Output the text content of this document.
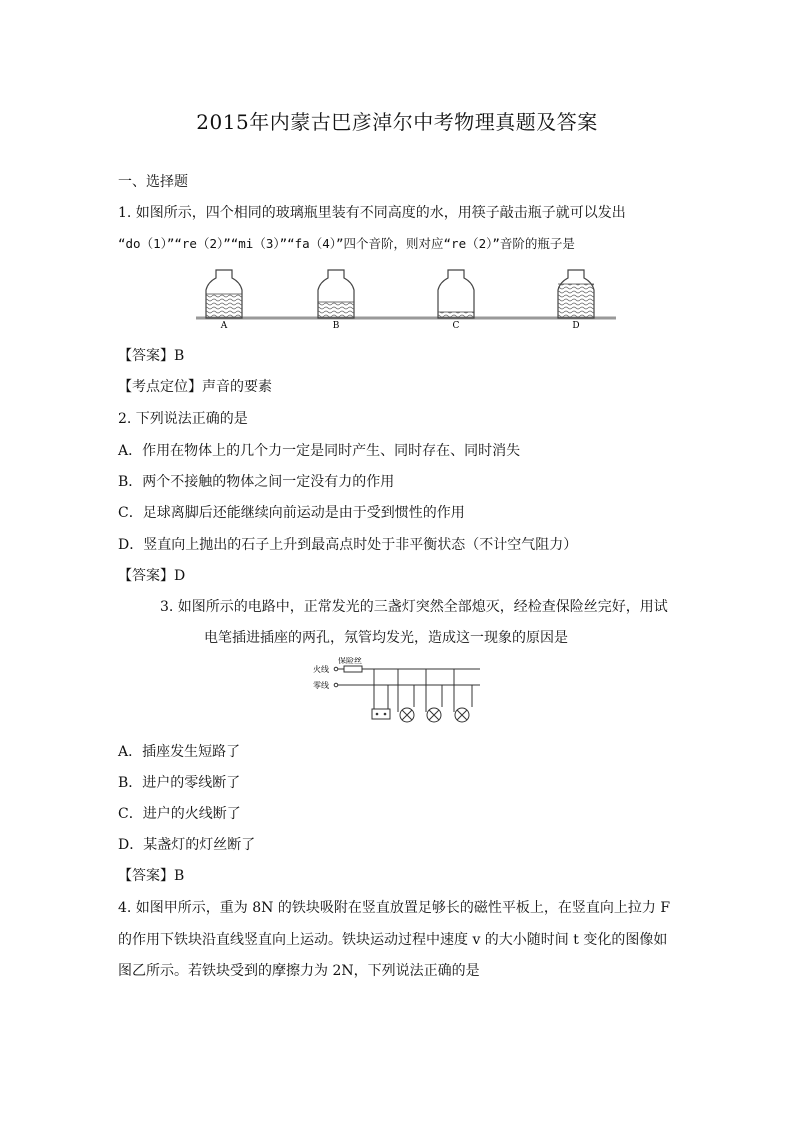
2015年内蒙古巴彦淖尔中考物理真题及答案
一、选择题
1. 如图所示，四个相同的玻璃瓶里装有不同高度的水，用筷子敲击瓶子就可以发出
“do（1）”“re（2）”“mi（3）”“fa（4）”四个音阶，则对应“re（2）”音阶的瓶子是
A	B	C	D
【答案】B
【考点定位】声音的要素
2. 下列说法正确的是
A．作用在物体上的几个力一定是同时产生、同时存在、同时消失
B．两个不接触的物体之间一定没有力的作用
C．足球离脚后还能继续向前运动是由于受到惯性的作用
D．竖直向上抛出的石子上升到最高点时处于非平衡状态（不计空气阻力）
【答案】D
3. 如图所示的电路中，正常发光的三盏灯突然全部熄灭，经检查保险丝完好，用试
电笔插进插座的两孔，氖管均发光，造成这一现象的原因是
火线
零线
保险丝
A．插座发生短路了
B．进户的零线断了
C．进户的火线断了
D．某盏灯的灯丝断了
【答案】B
4. 如图甲所示，重为 8N 的铁块吸附在竖直放置足够长的磁性平板上，在竖直向上拉力 F
的作用下铁块沿直线竖直向上运动。铁块运动过程中速度 v 的大小随时间 t 变化的图像如
图乙所示。若铁块受到的摩擦力为 2N，下列说法正确的是
